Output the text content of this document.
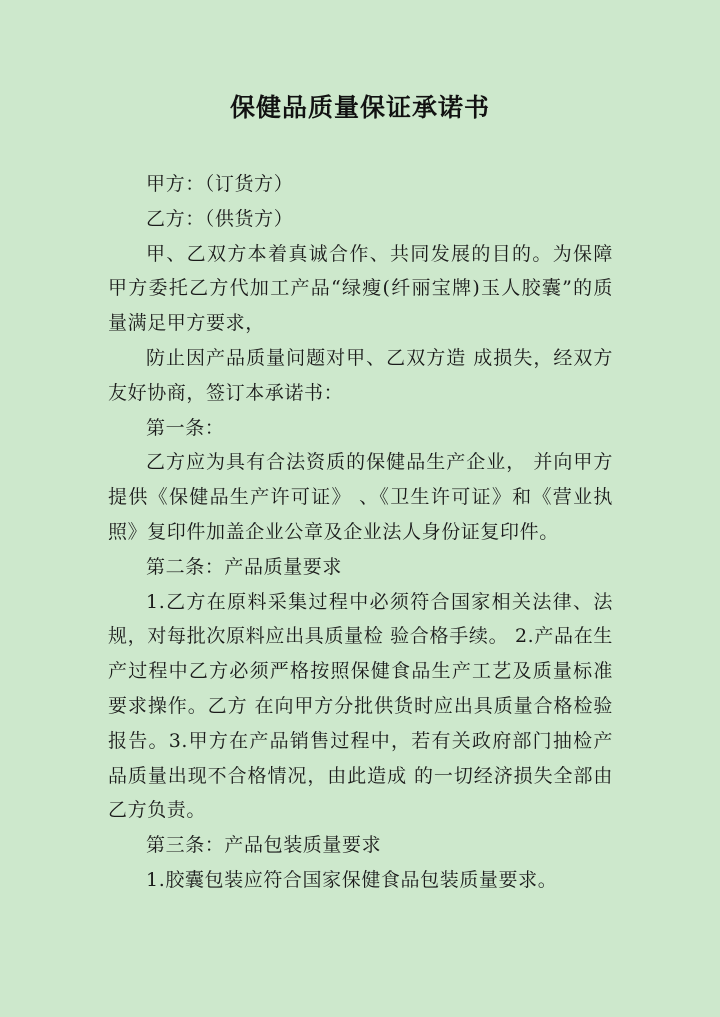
保健品质量保证承诺书

甲方：（订货方）

乙方：（供货方）

甲、乙双方本着真诚合作、共同发展的目的。为保障甲方委托乙方代加工产品“绿瘦(纤丽宝牌)玉人胶囊”的质量满足甲方要求，

防止因产品质量问题对甲、乙双方造 成损失，经双方友好协商，签订本承诺书：

第一条：

乙方应为具有合法资质的保健品生产企业， 并向甲方提供《保健品生产许可证》 、《卫生许可证》和《营业执照》复印件加盖企业公章及企业法人身份证复印件。

第二条：产品质量要求

1.乙方在原料采集过程中必须符合国家相关法律、法规，对每批次原料应出具质量检 验合格手续。 2.产品在生产过程中乙方必须严格按照保健食品生产工艺及质量标准要求操作。乙方 在向甲方分批供货时应出具质量合格检验报告。3.甲方在产品销售过程中，若有关政府部门抽检产品质量出现不合格情况，由此造成 的一切经济损失全部由乙方负责。

第三条：产品包装质量要求

1.胶囊包装应符合国家保健食品包装质量要求。
